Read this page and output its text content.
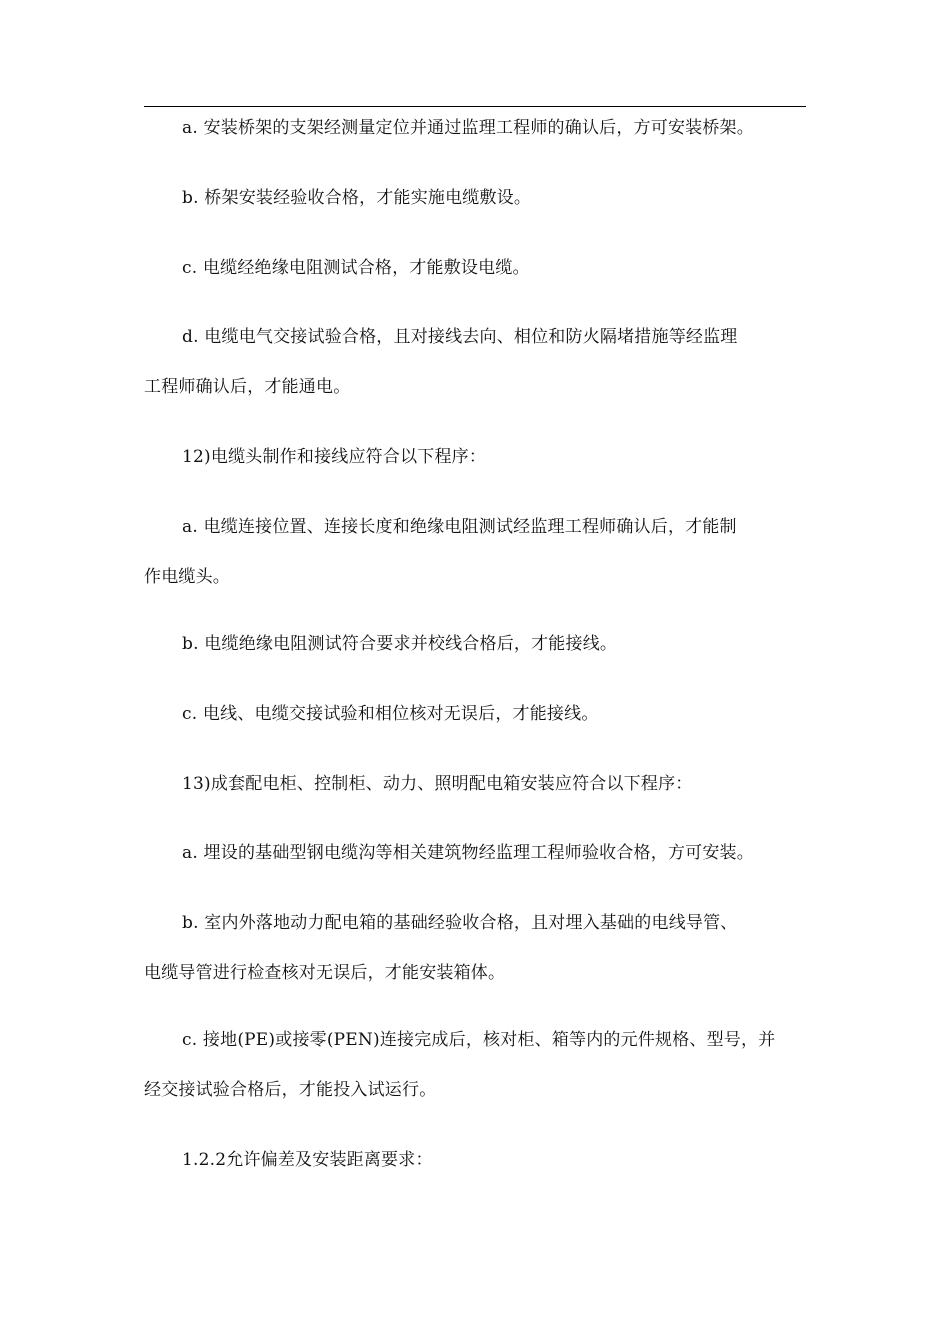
a. 安装桥架的支架经测量定位并通过监理工程师的确认后，方可安装桥架。
b. 桥架安装经验收合格，才能实施电缆敷设。
c. 电缆经绝缘电阻测试合格，才能敷设电缆。
d. 电缆电气交接试验合格，且对接线去向、相位和防火隔堵措施等经监理
工程师确认后，才能通电。
12)电缆头制作和接线应符合以下程序：
a. 电缆连接位置、连接长度和绝缘电阻测试经监理工程师确认后，才能制
作电缆头。
b. 电缆绝缘电阻测试符合要求并校线合格后，才能接线。
c. 电线、电缆交接试验和相位核对无误后，才能接线。
13)成套配电柜、控制柜、动力、照明配电箱安装应符合以下程序：
a. 埋设的基础型钢电缆沟等相关建筑物经监理工程师验收合格，方可安装。
b. 室内外落地动力配电箱的基础经验收合格，且对埋入基础的电线导管、
电缆导管进行检查核对无误后，才能安装箱体。
c. 接地(PE)或接零(PEN)连接完成后，核对柜、箱等内的元件规格、型号，并
经交接试验合格后，才能投入试运行。
1.2.2允许偏差及安装距离要求：
